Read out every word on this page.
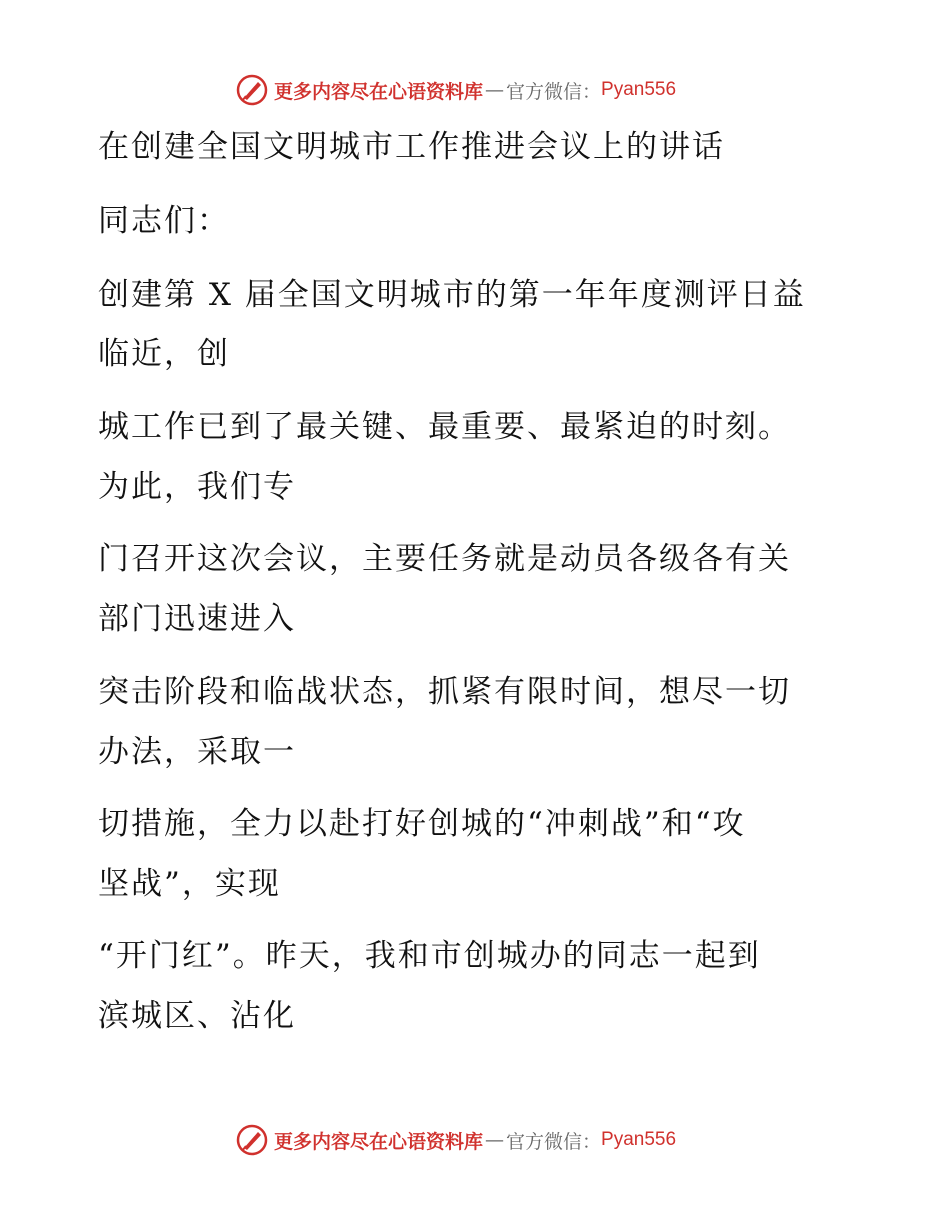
更多内容尽在心语资料库 — 官方微信： Pyan556
在创建全国文明城市工作推进会议上的讲话
同志们：
创建第 X 届全国文明城市的第一年年度测评日益
临近，创
城工作已到了最关键、最重要、最紧迫的时刻。
为此，我们专
门召开这次会议，主要任务就是动员各级各有关
部门迅速进入
突击阶段和临战状态，抓紧有限时间，想尽一切
办法，采取一
切措施，全力以赴打好创城的“冲刺战”和“攻
坚战”，实现
“开门红”。昨天，我和市创城办的同志一起到
滨城区、沾化
更多内容尽在心语资料库 — 官方微信： Pyan556
